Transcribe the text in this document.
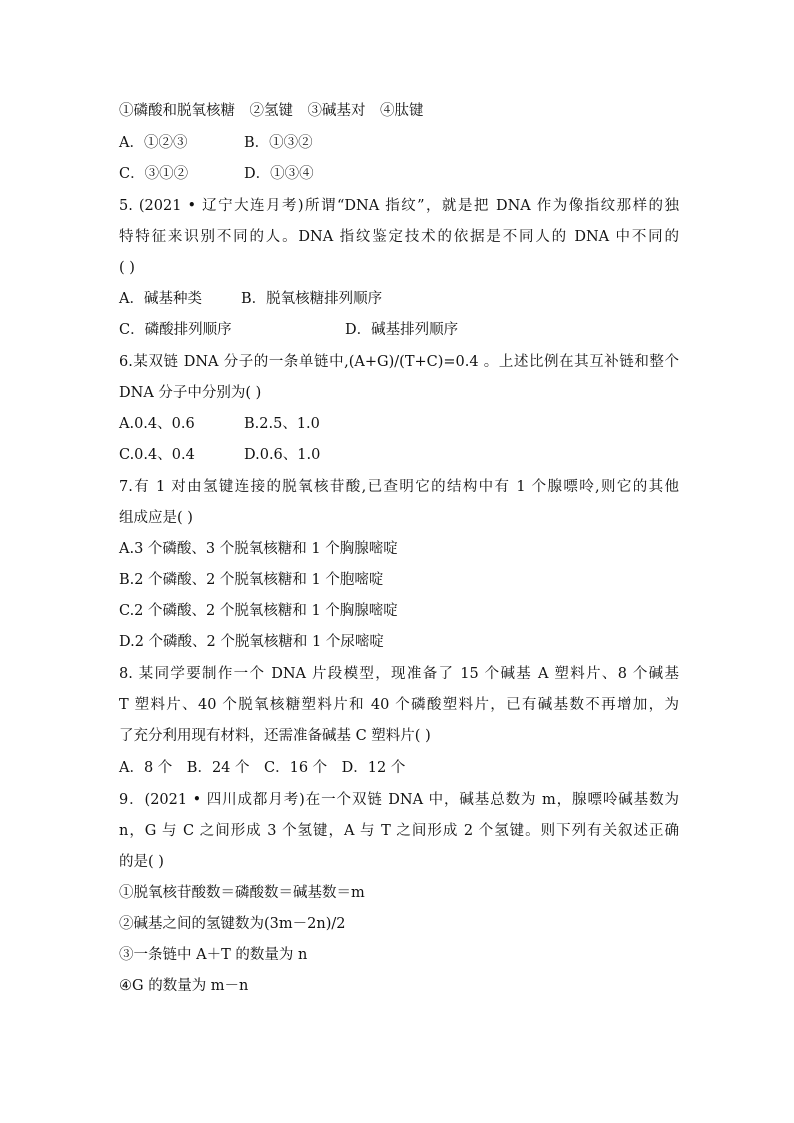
①磷酸和脱氧核糖　②氢键　③碱基对　④肽键
A．①②③	B．①③②
C．③①②	D．①③④
5. (2021 • 辽宁大连月考)所谓“DNA 指纹”，就是把 DNA 作为像指纹那样的独
特特征来识别不同的人。DNA 指纹鉴定技术的依据是不同人的 DNA 中不同的
( )
A．碱基种类	B．脱氧核糖排列顺序
C．磷酸排列顺序	D．碱基排列顺序
6.某双链 DNA 分子的一条单链中,(A+G)/(T+C)=0.4 。上述比例在其互补链和整个
DNA 分子中分别为( )
A.0.4、0.6	B.2.5、1.0
C.0.4、0.4	D.0.6、1.0
7.有 1 对由氢键连接的脱氧核苷酸,已查明它的结构中有 1 个腺嘌呤,则它的其他
组成应是( )
A.3 个磷酸、3 个脱氧核糖和 1 个胸腺嘧啶
B.2 个磷酸、2 个脱氧核糖和 1 个胞嘧啶
C.2 个磷酸、2 个脱氧核糖和 1 个胸腺嘧啶
D.2 个磷酸、2 个脱氧核糖和 1 个尿嘧啶
8. 某同学要制作一个 DNA 片段模型，现准备了 15 个碱基 A 塑料片、8 个碱基
T 塑料片、40 个脱氧核糖塑料片和 40 个磷酸塑料片，已有碱基数不再增加，为
了充分利用现有材料，还需准备碱基 C 塑料片( )
A．8 个　B．24 个　C．16 个　D．12 个
9．(2021 • 四川成都月考)在一个双链 DNA 中，碱基总数为 m，腺嘌呤碱基数为
n，G 与 C 之间形成 3 个氢键，A 与 T 之间形成 2 个氢键。则下列有关叙述正确
的是( )
①脱氧核苷酸数＝磷酸数＝碱基数＝m
②碱基之间的氢键数为(3m－2n)/2
③一条链中 A＋T 的数量为 n
④G 的数量为 m－n
